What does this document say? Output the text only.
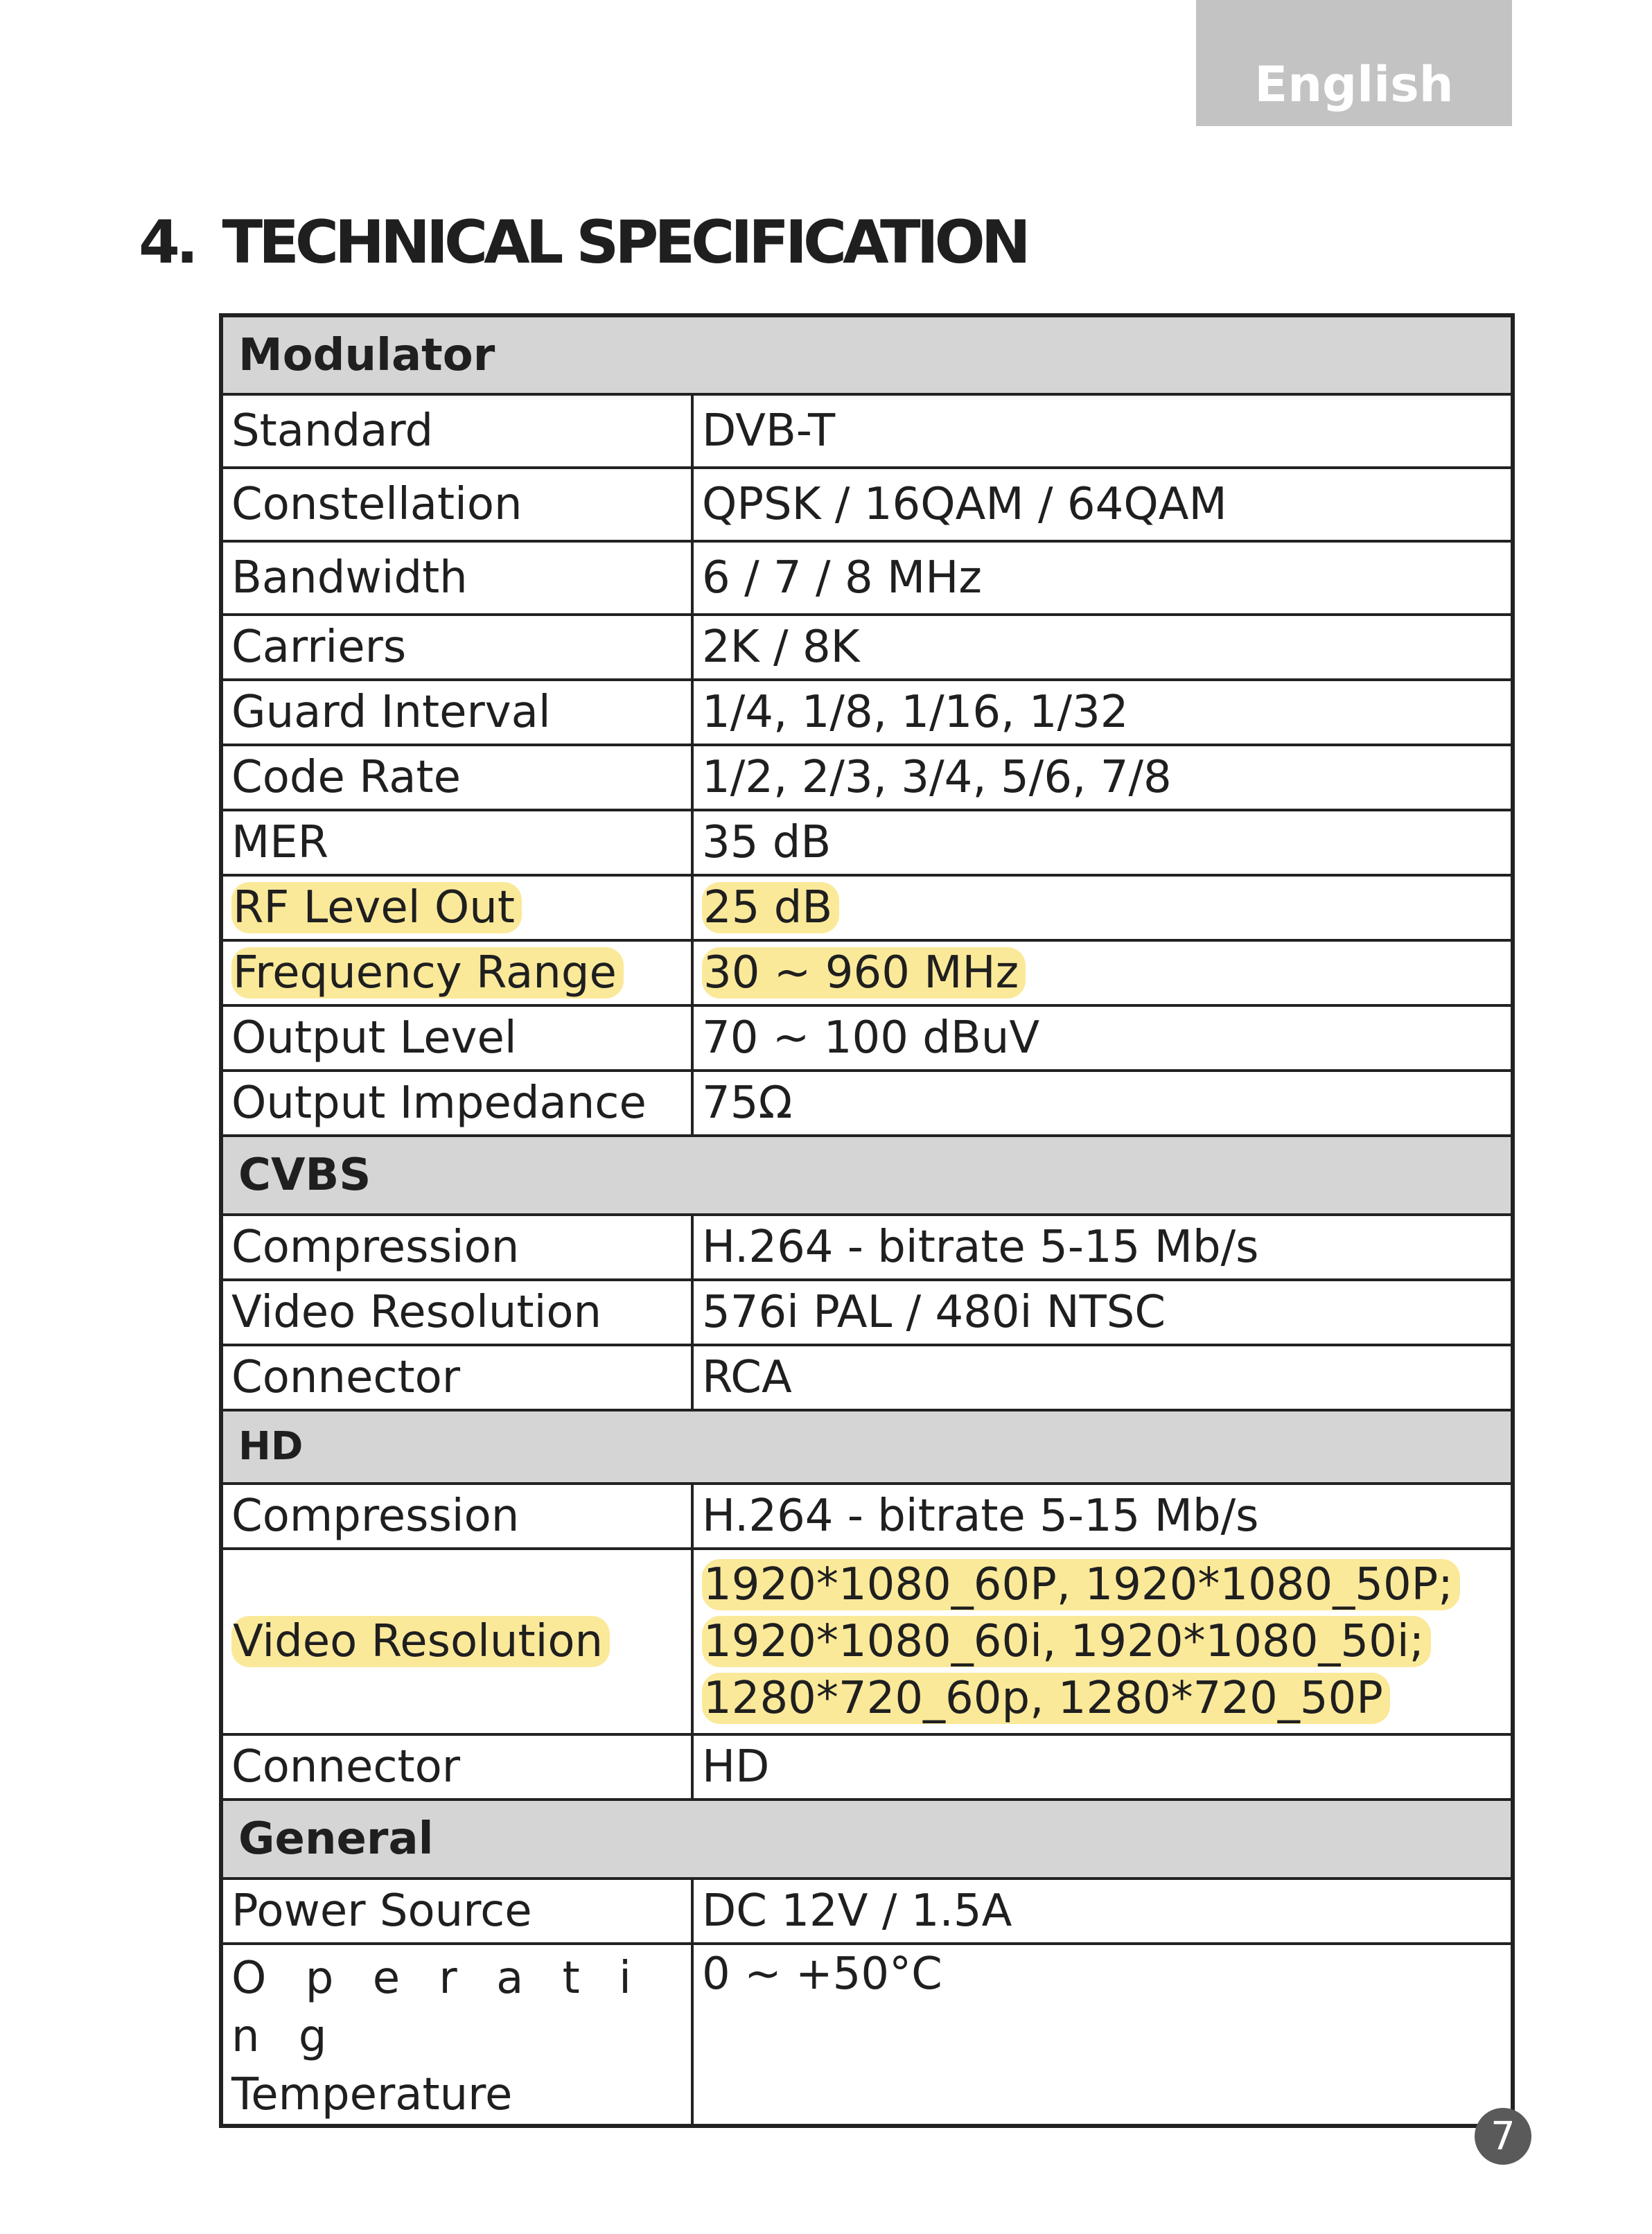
English
4. TECHNICAL SPECIFICATION
Modulator	
Standard	DVB-T
Constellation	QPSK / 16QAM / 64QAM
Bandwidth	6 / 7 / 8 MHz
Carriers	2K / 8K
Guard Interval	1/4, 1/8, 1/16, 1/32
Code Rate	1/2, 2/3, 3/4, 5/6, 7/8
MER	35 dB
RF Level Out	25 dB
Frequency Range	30 ~ 960 MHz
Output Level	70 ~ 100 dBuV
Output Impedance	75Ω
CVBS	
Compression	H.264 - bitrate 5-15 Mb/s
Video Resolution	576i PAL / 480i NTSC
Connector	RCA
HD	
Compression	H.264 - bitrate 5-15 Mb/s
Video Resolution	1920*1080_60P, 1920*1080_50P;
1920*1080_60i, 1920*1080_50i;
1280*720_60p, 1280*720_50P
Connector	HD
General	
Power Source	DC 12V / 1.5A
O p e r a t i n g
Temperature	0 ~ +50°C
7
